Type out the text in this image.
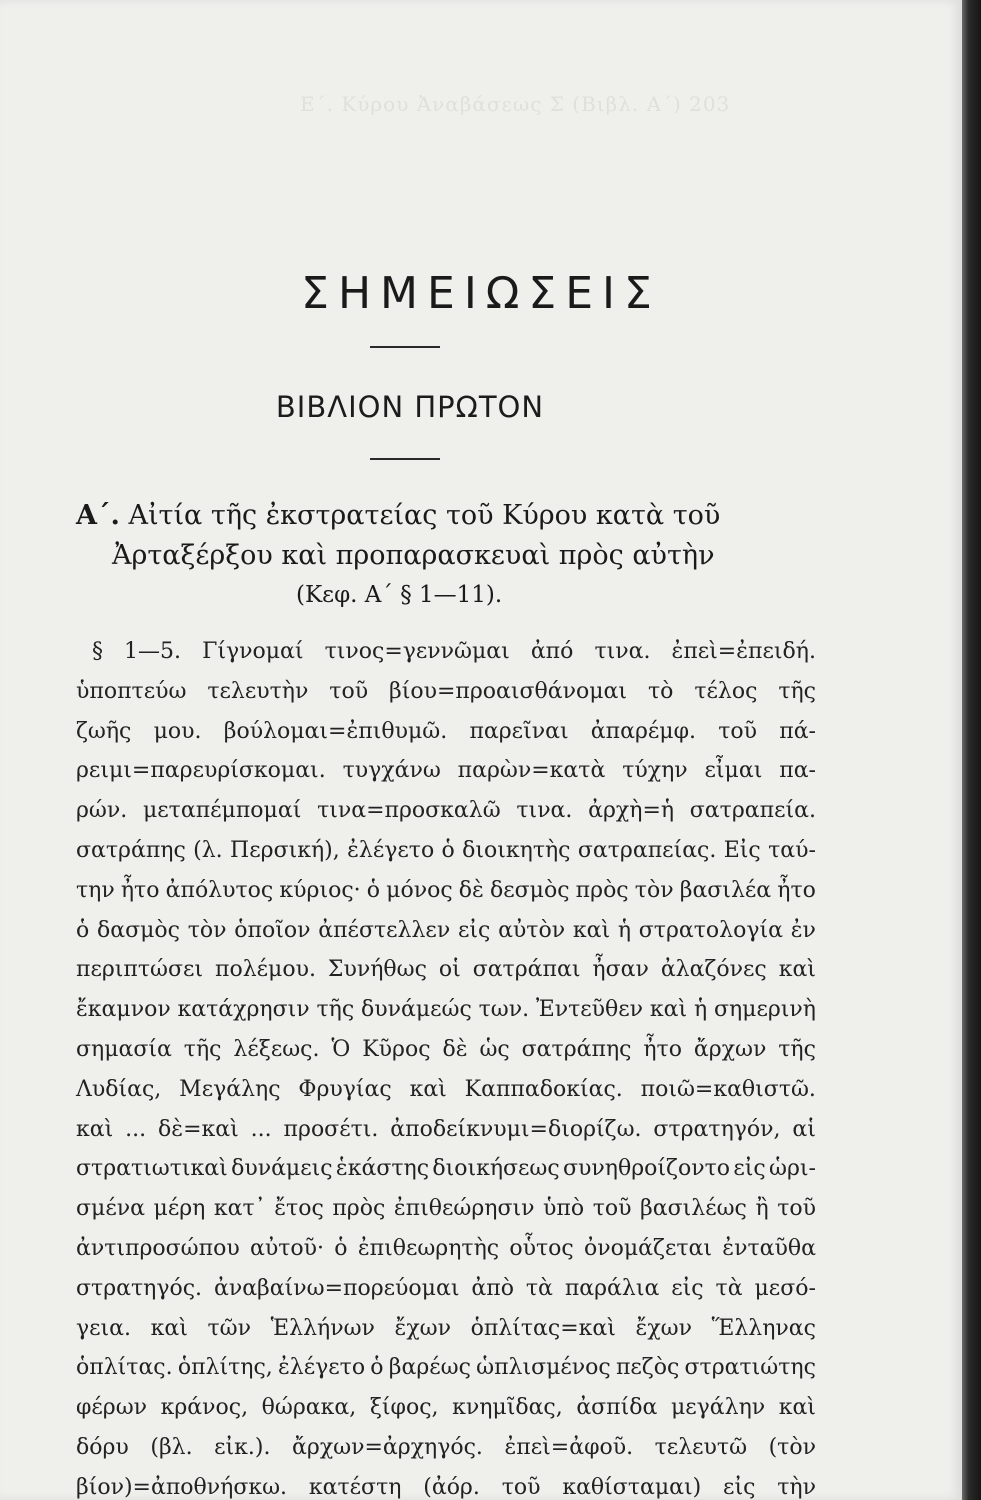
Ε΄. Κύρου Ἀναβάσεως Σ (Βιβλ. Α΄) 203
ΣΗΜΕΙΩΣΕΙΣ
ΒΙΒΛΙΟΝ ΠΡΩΤΟΝ
Α΄. Αἰτία τῆς ἐκστρατείας τοῦ Κύρου κατὰ τοῦ
Ἀρταξέρξου καὶ προπαρασκευαὶ πρὸς αὐτὴν
(Κεφ. Α΄ § 1—11).
§ 1—5. Γίγνομαί τινος=γεννῶμαι ἀπό τινα. ἐπεὶ=ἐπειδή.
ὑποπτεύω τελευτὴν τοῦ βίου=προαισθάνομαι τὸ τέλος τῆς
ζωῆς μου. βούλομαι=ἐπιθυμῶ. παρεῖναι ἀπαρέμφ. τοῦ πά-
ρειμι=παρευρίσκομαι. τυγχάνω παρὼν=κατὰ τύχην εἶμαι πα-
ρών. μεταπέμπομαί τινα=προσκαλῶ τινα. ἀρχὴ=ἡ σατραπεία.
σατράπης (λ. Περσική), ἐλέγετο ὁ διοικητὴς σατραπείας. Εἰς ταύ-
την ἦτο ἀπόλυτος κύριος· ὁ μόνος δὲ δεσμὸς πρὸς τὸν βασιλέα ἦτο
ὁ δασμὸς τὸν ὁποῖον ἀπέστελλεν εἰς αὐτὸν καὶ ἡ στρατολογία ἐν
περιπτώσει πολέμου. Συνήθως οἱ σατράπαι ἦσαν ἀλαζόνες καὶ
ἔκαμνον κατάχρησιν τῆς δυνάμεώς των. Ἐντεῦθεν καὶ ἡ σημερινὴ
σημασία τῆς λέξεως. Ὁ Κῦρος δὲ ὡς σατράπης ἦτο ἄρχων τῆς
Λυδίας, Μεγάλης Φρυγίας καὶ Καππαδοκίας. ποιῶ=καθιστῶ.
καὶ ... δὲ=καὶ ... προσέτι. ἀποδείκνυμι=διορίζω. στρατηγόν, αἱ
στρατιωτικαὶ δυνάμεις ἑκάστης διοικήσεως συνηθροίζοντο εἰς ὡρι-
σμένα μέρη κατ᾽ ἔτος πρὸς ἐπιθεώρησιν ὑπὸ τοῦ βασιλέως ἢ τοῦ
ἀντιπροσώπου αὐτοῦ· ὁ ἐπιθεωρητὴς οὗτος ὀνομάζεται ἐνταῦθα
στρατηγός. ἀναβαίνω=πορεύομαι ἀπὸ τὰ παράλια εἰς τὰ μεσό-
γεια. καὶ τῶν Ἑλλήνων ἔχων ὁπλίτας=καὶ ἔχων Ἕλληνας
ὁπλίτας. ὁπλίτης, ἐλέγετο ὁ βαρέως ὡπλισμένος πεζὸς στρατιώτης
φέρων κράνος, θώρακα, ξίφος, κνημῖδας, ἀσπίδα μεγάλην καὶ
δόρυ (βλ. εἰκ.). ἄρχων=ἀρχηγός. ἐπεὶ=ἀφοῦ. τελευτῶ (τὸν
βίον)=ἀποθνήσκω. κατέστη (ἀόρ. τοῦ καθίσταμαι) εἰς τὴν
